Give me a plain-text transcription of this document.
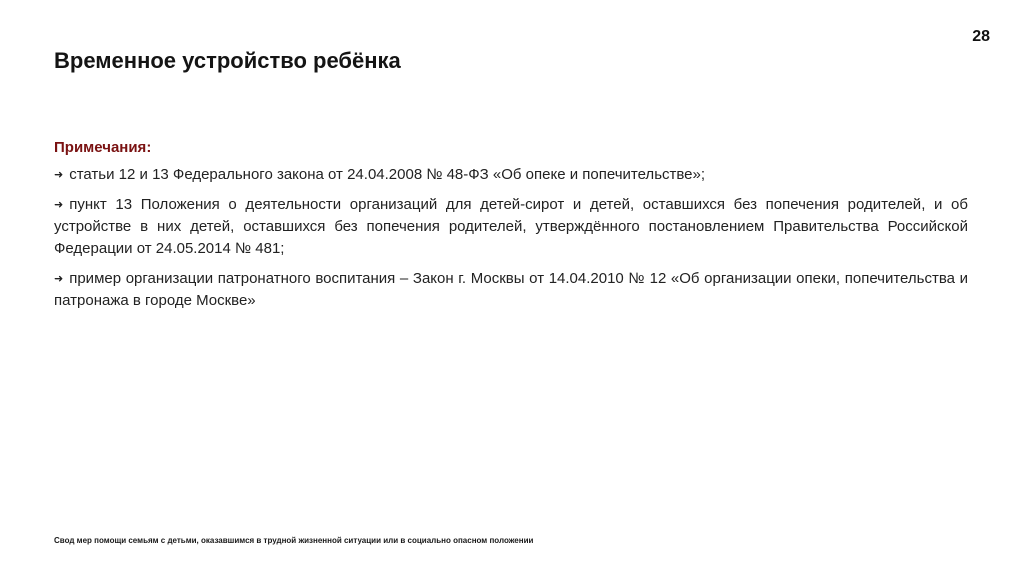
28
Временное устройство ребёнка
Примечания:
➜ статьи 12 и 13 Федерального закона от 24.04.2008 № 48-ФЗ «Об опеке и попечительстве»;
➜ пункт 13 Положения о деятельности организаций для детей-сирот и детей, оставшихся без попечения родителей, и об устройстве в них детей, оставшихся без попечения родителей, утверждённого постановлением Правительства Российской Федерации от 24.05.2014 № 481;
➜ пример организации патронатного воспитания – Закон г. Москвы от 14.04.2010 № 12 «Об организации опеки, попечительства и патронажа в городе Москве»
Свод мер помощи семьям с детьми, оказавшимся в трудной жизненной ситуации или в социально опасном положении
